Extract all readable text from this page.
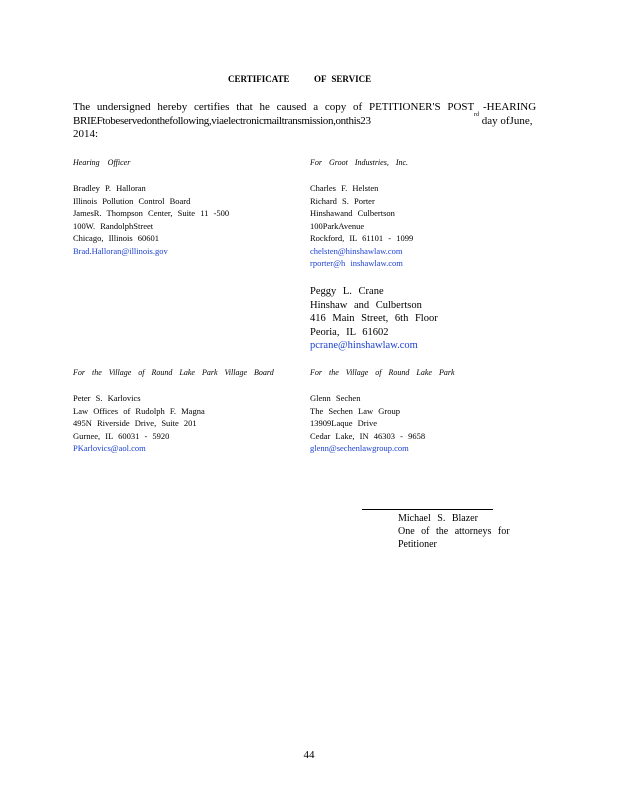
CERTIFICATE	OF SERVICE
The undersigned hereby certifies that he caused a copy of PETITIONER'S POST -HEARING
BRIEFtobeservedonthefollowing,viaelectronicmailtransmission,onthis23	$^{rd}$ day ofJune,
2014:
Hearing Officer
Bradley P. Halloran
Illinois Pollution Control Board
JamesR. Thompson Center, Suite 11 -500
100W. RandolphStreet
Chicago, Illinois 60601
Brad.Halloran@illinois.gov
For Groot Industries, Inc.
Charles F. Helsten
Richard S. Porter
Hinshawand Culbertson
100ParkAvenue
Rockford, IL 61101 - 1099
chelsten@hinshawlaw.com
rporter@h inshawlaw.com
Peggy L. Crane
Hinshaw and Culbertson
416 Main Street, 6th Floor
Peoria, IL 61602
pcrane@hinshawlaw.com
For the Village of Round Lake Park Village Board
Peter S. Karlovics
Law Offices of Rudolph F. Magna
495N Riverside Drive, Suite 201
Gurnee, IL 60031 - 5920
PKarlovics@aol.com
For the Village of Round Lake Park
Glenn Sechen
The Sechen Law Group
13909Laque Drive
Cedar Lake, IN 46303 - 9658
glenn@sechenlawgroup.com
Michael S. Blazer
One of the attorneys for
Petitioner
44
